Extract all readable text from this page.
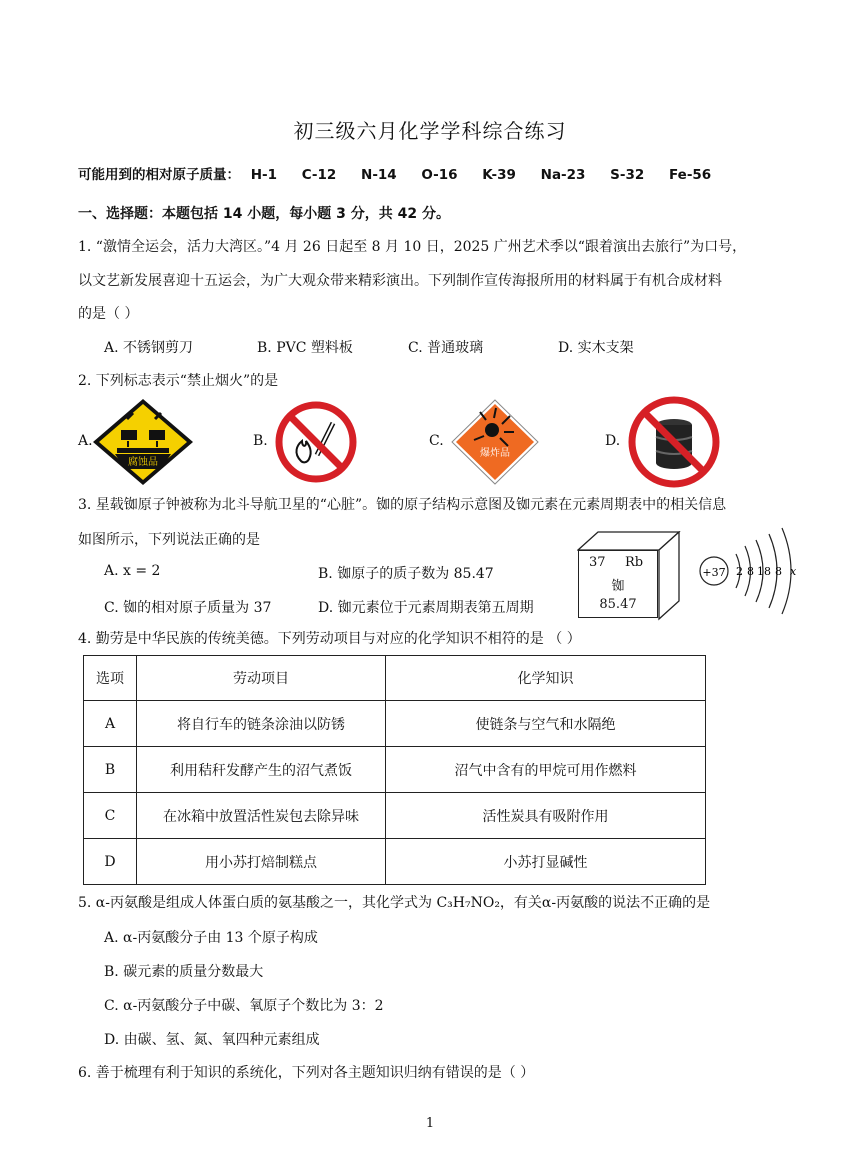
初三级六月化学学科综合练习
可能用到的相对原子质量： H-1 C-12 N-14 O-16 K-39 Na-23 S-32 Fe-56
一、选择题：本题包括 14 小题，每小题 3 分，共 42 分。
1. “激情全运会，活力大湾区。”4 月 26 日起至 8 月 10 日，2025 广州艺术季以“跟着演出去旅行”为口号，
以文艺新发展喜迎十五运会，为广大观众带来精彩演出。下列制作宣传海报所用的材料属于有机合成材料
的是（ ）
A. 不锈钢剪刀	B. PVC 塑料板	C. 普通玻璃	D. 实木支架
2. 下列标志表示“禁止烟火”的是
A.
腐蚀品
B.	C.
爆炸品
D.
3. 星载铷原子钟被称为北斗导航卫星的“心脏”。铷的原子结构示意图及铷元素在元素周期表中的相关信息
如图所示，下列说法正确的是
A. x = 2	B. 铷原子的质子数为 85.47
C. 铷的相对原子质量为 37	D. 铷元素位于元素周期表第五周期
37 Rb
铷
85.47
+37 2 8 18 8 x
4. 勤劳是中华民族的传统美德。下列劳动项目与对应的化学知识不相符的是 （ ）
选项	劳动项目	化学知识
A	将自行车的链条涂油以防锈	使链条与空气和水隔绝
B	利用秸秆发酵产生的沼气煮饭	沼气中含有的甲烷可用作燃料
C	在冰箱中放置活性炭包去除异味	活性炭具有吸附作用
D	用小苏打焙制糕点	小苏打显碱性
5. α-丙氨酸是组成人体蛋白质的氨基酸之一，其化学式为 C₃H₇NO₂，有关α-丙氨酸的说法不正确的是
A. α-丙氨酸分子由 13 个原子构成
B. 碳元素的质量分数最大
C. α-丙氨酸分子中碳、氧原子个数比为 3：2
D. 由碳、氢、氮、氧四种元素组成
6. 善于梳理有利于知识的系统化，下列对各主题知识归纳有错误的是（ ）
1
